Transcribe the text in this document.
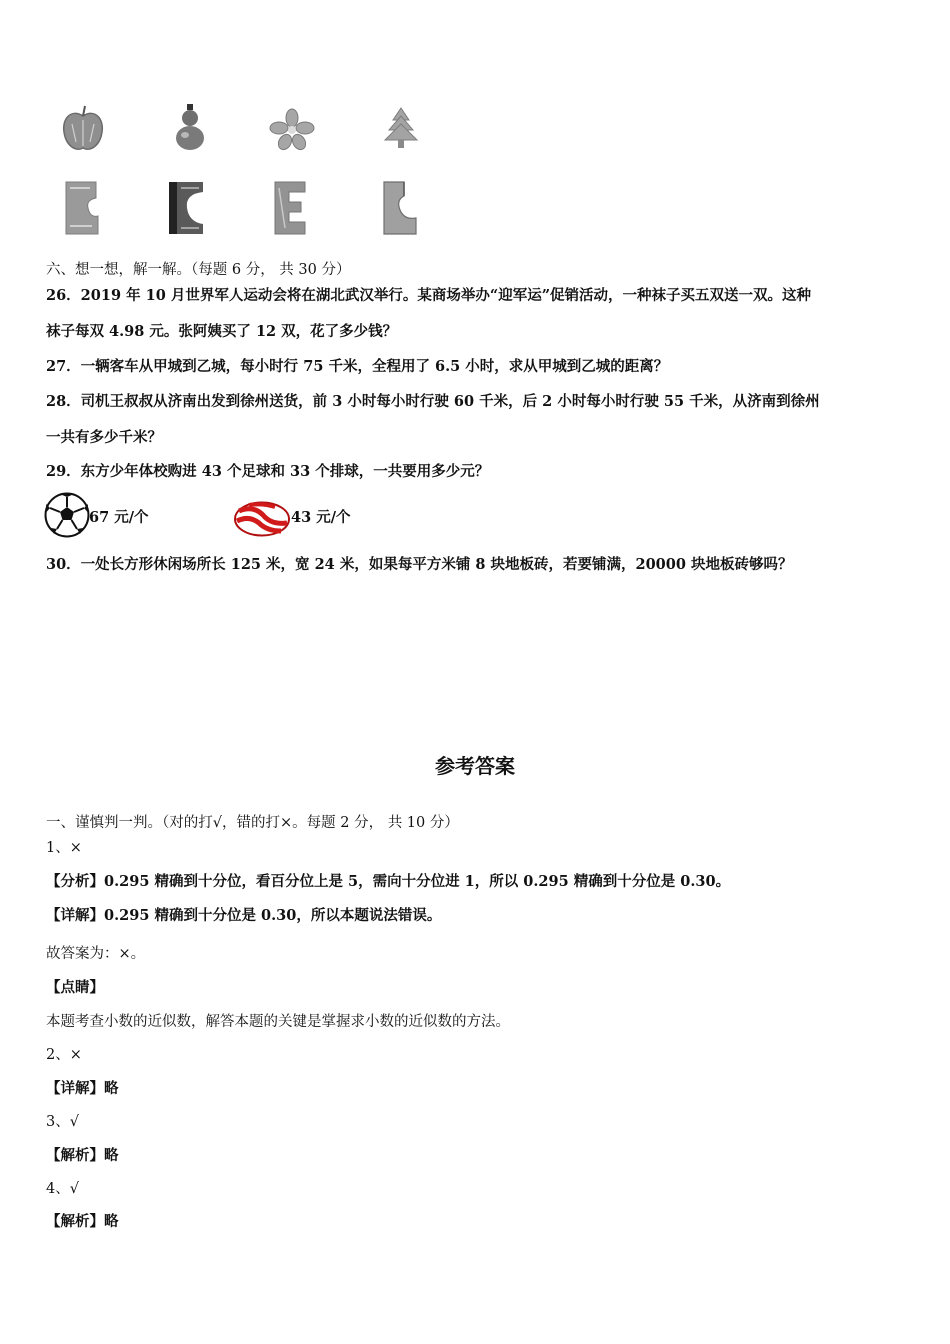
六、想一想，解一解。（每题 6 分， 共 30 分）
26．2019 年 10 月世界军人运动会将在湖北武汉举行。某商场举办“迎军运”促销活动，一种袜子买五双送一双。这种
袜子每双 4.98 元。张阿姨买了 12 双，花了多少钱？
27．一辆客车从甲城到乙城，每小时行 75 千米，全程用了 6.5 小时，求从甲城到乙城的距离？
28．司机王叔叔从济南出发到徐州送货，前 3 小时每小时行驶 60 千米，后 2 小时每小时行驶 55 千米，从济南到徐州
一共有多少千米？
29．东方少年体校购进 43 个足球和 33 个排球，一共要用多少元？
67 元/个	43 元/个
30．一处长方形休闲场所长 125 米，宽 24 米，如果每平方米铺 8 块地板砖，若要铺满，20000 块地板砖够吗？
参考答案
一、谨慎判一判。（对的打√，错的打×。每题 2 分， 共 10 分）
1、×
【分析】0.295 精确到十分位，看百分位上是 5，需向十分位进 1，所以 0.295 精确到十分位是 0.30。
【详解】0.295 精确到十分位是 0.30，所以本题说法错误。
故答案为：×。
【点睛】
本题考查小数的近似数，解答本题的关键是掌握求小数的近似数的方法。
2、×
【详解】略
3、√
【解析】略
4、√
【解析】略
